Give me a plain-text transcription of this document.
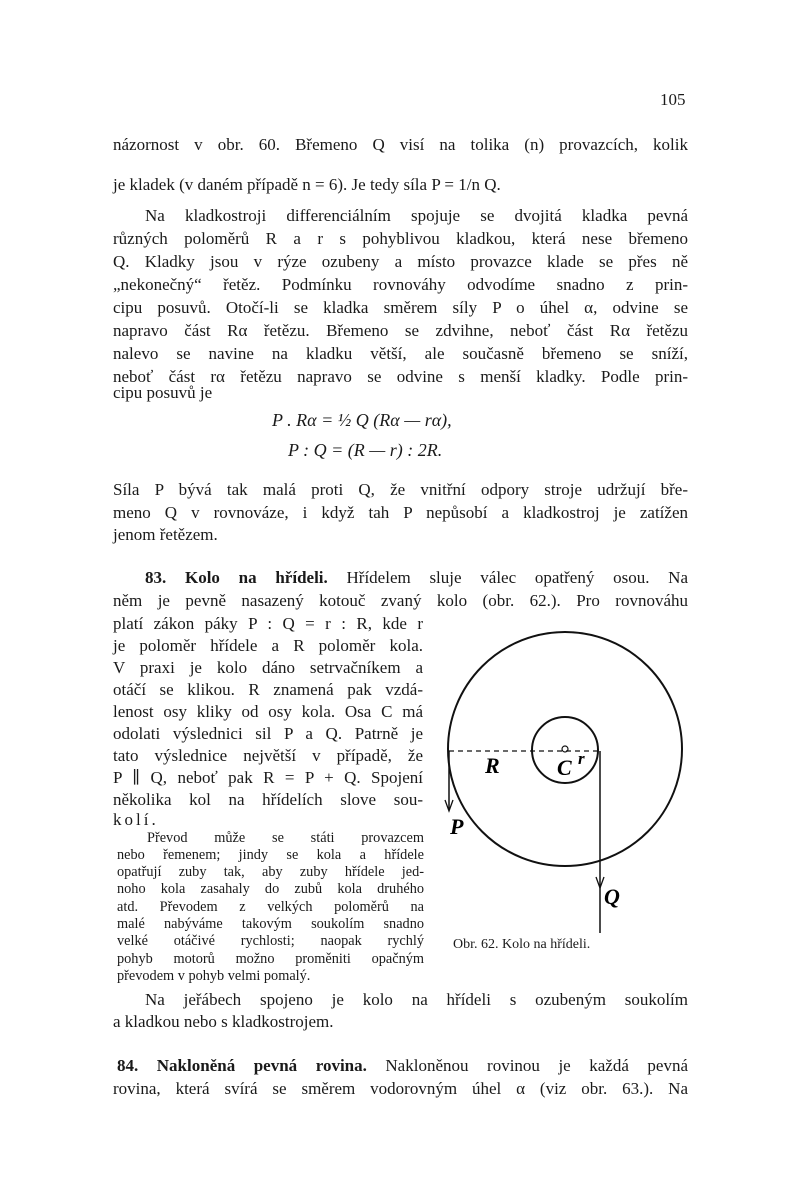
105
názornost v obr. 60. Břemeno Q visí na tolika (n) provazcích, kolik
je kladek (v daném případě n = 6). Je tedy síla P = 1/n Q.
Na kladkostroji differenciálním spojuje se dvojitá kladka pevná
různých poloměrů R a r s pohyblivou kladkou, která nese břemeno
Q. Kladky jsou v rýze ozubeny a místo provazce klade se přes ně
„nekonečný“ řetěz. Podmínku rovnováhy odvodíme snadno z prin-
cipu posuvů. Otočí-li se kladka směrem síly P o úhel α, odvine se
napravo část Rα řetězu. Břemeno se zdvihne, neboť část Rα řetězu
nalevo se navine na kladku větší, ale současně břemeno se sníží,
neboť část rα řetězu napravo se odvine s menší kladky. Podle prin-
cipu posuvů je
P . Rα = ½ Q (Rα — rα),
P : Q = (R — r) : 2R.
Síla P bývá tak malá proti Q, že vnitřní odpory stroje udržují bře-
meno Q v rovnováze, i když tah P nepůsobí a kladkostroj je zatížen
jenom řetězem.
83. Kolo na hřídeli. Hřídelem sluje válec opatřený osou. Na
něm je pevně nasazený kotouč zvaný kolo (obr. 62.). Pro rovnováhu
platí zákon páky P : Q = r : R, kde r
je poloměr hřídele a R poloměr kola.
V praxi je kolo dáno setrvačníkem a
otáčí se klikou. R znamená pak vzdá-
lenost osy kliky od osy kola. Osa C má
odolati výslednici sil P a Q. Patrně je
tato výslednice největší v případě, že
P ∥ Q, neboť pak R = P + Q. Spojení
několika kol na hřídelích slove sou-
kolí.
Převod může se státi provazcem
nebo řemenem; jindy se kola a hřídele
opatřují zuby tak, aby zuby hřídele jed-
noho kola zasahaly do zubů kola druhého
atd. Převodem z velkých poloměrů na
malé nabýváme takovým soukolím snadno
velké otáčivé rychlosti; naopak rychlý
pohyb motorů možno proměniti opačným
převodem v pohyb velmi pomalý.
Na jeřábech spojeno je kolo na hřídeli s ozubeným soukolím
a kladkou nebo s kladkostrojem.
84. Nakloněná pevná rovina. Nakloněnou rovinou je každá pevná
rovina, která svírá se směrem vodorovným úhel α (viz obr. 63.). Na
R	C r
P
Q
Obr. 62. Kolo na hřídeli.
